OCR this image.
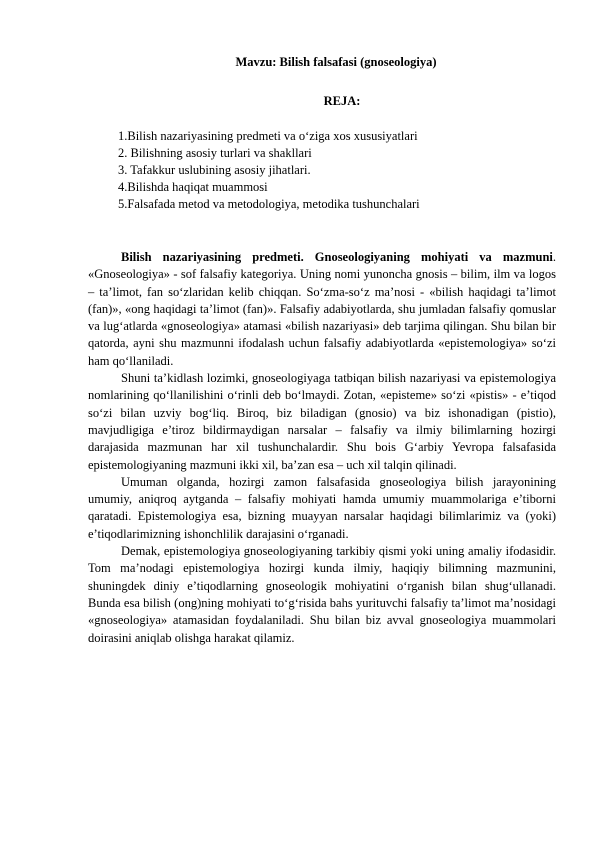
Mavzu: Bilish falsafasi (gnoseologiya)
REJA:
1.Bilish nazariyasining predmeti va o‘ziga xos xususiyatlari
2. Bilishning asosiy turlari va shakllari
3. Tafakkur uslubining asosiy jihatlari.
4.Bilishda haqiqat muammosi
5.Falsafada metod va metodologiya, metodika tushunchalari

Bilish nazariyasining predmeti. Gnoseologiyaning mohiyati va mazmuni. «Gnoseologiya» - sof falsafiy kategoriya. Uning nomi yunoncha gnosis – bilim, ilm va logos – ta’limot, fan so‘zlaridan kelib chiqqan. So‘zma-so‘z ma’nosi - «bilish haqidagi ta’limot (fan)», «ong haqidagi ta’limot (fan)». Falsafiy adabiyotlarda, shu jumladan falsafiy qomuslar va lug‘atlarda «gnoseologiya» atamasi «bilish nazariyasi» deb tarjima qilingan. Shu bilan bir qatorda, ayni shu mazmunni ifodalash uchun falsafiy adabiyotlarda «epistemologiya» so‘zi ham qo‘llaniladi.

Shuni ta’kidlash lozimki, gnoseologiyaga tatbiqan bilish nazariyasi va epistemologiya nomlarining qo‘llanilishini o‘rinli deb bo‘lmaydi. Zotan, «episteme» so‘zi «pistis» - e’tiqod so‘zi bilan uzviy bog‘liq. Biroq, biz biladigan (gnosio) va biz ishonadigan (pistio), mavjudligiga e’tiroz bildirmaydigan narsalar – falsafiy va ilmiy bilimlarning hozirgi darajasida mazmunan har xil tushunchalardir. Shu bois G‘arbiy Yevropa falsafasida epistemologiyaning mazmuni ikki xil, ba’zan esa – uch xil talqin qilinadi.

Umuman olganda, hozirgi zamon falsafasida gnoseologiya bilish jarayonining umumiy, aniqroq aytganda – falsafiy mohiyati hamda umumiy muammolariga e’tiborni qaratadi. Epistemologiya esa, bizning muayyan narsalar haqidagi bilimlarimiz va (yoki) e’tiqodlarimizning ishonchlilik darajasini o‘rganadi.

Demak, epistemologiya gnoseologiyaning tarkibiy qismi yoki uning amaliy ifodasidir. Tom ma’nodagi epistemologiya hozirgi kunda ilmiy, haqiqiy bilimning mazmunini, shuningdek diniy e’tiqodlarning gnoseologik mohiyatini o‘rganish bilan shug‘ullanadi. Bunda esa bilish (ong)ning mohiyati to‘g‘risida bahs yurituvchi falsafiy ta’limot ma’nosidagi «gnoseologiya» atamasidan foydalaniladi. Shu bilan biz avval gnoseologiya muammolari doirasini aniqlab olishga harakat qilamiz.
